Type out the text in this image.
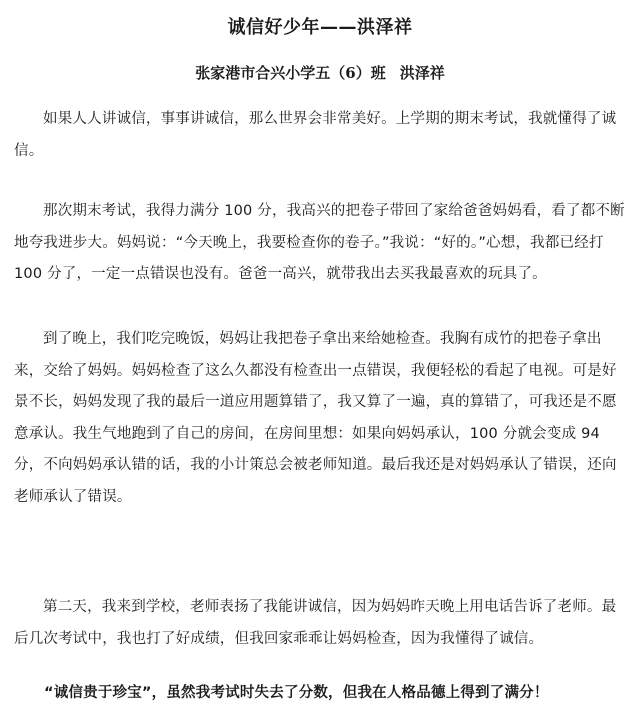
诚信好少年——洪泽祥
张家港市合兴小学五（6）班 洪泽祥

如果人人讲诚信，事事讲诚信，那么世界会非常美好。上学期的期末考试，我就懂得了诚信。

那次期末考试，我得力满分 100 分，我高兴的把卷子带回了家给爸爸妈妈看，看了都不断地夸我进步大。妈妈说：“今天晚上，我要检查你的卷子。”我说：“好的。”心想，我都已经打 100 分了，一定一点错误也没有。爸爸一高兴，就带我出去买我最喜欢的玩具了。

到了晚上，我们吃完晚饭，妈妈让我把卷子拿出来给她检查。我胸有成竹的把卷子拿出来，交给了妈妈。妈妈检查了这么久都没有检查出一点错误，我便轻松的看起了电视。可是好景不长，妈妈发现了我的最后一道应用题算错了，我又算了一遍，真的算错了，可我还是不愿意承认。我生气地跑到了自己的房间，在房间里想：如果向妈妈承认，100 分就会变成 94 分，不向妈妈承认错的话，我的小计策总会被老师知道。最后我还是对妈妈承认了错误，还向老师承认了错误。

第二天，我来到学校，老师表扬了我能讲诚信，因为妈妈昨天晚上用电话告诉了老师。最后几次考试中，我也打了好成绩，但我回家乖乖让妈妈检查，因为我懂得了诚信。

“诚信贵于珍宝”，虽然我考试时失去了分数，但我在人格品德上得到了满分！
